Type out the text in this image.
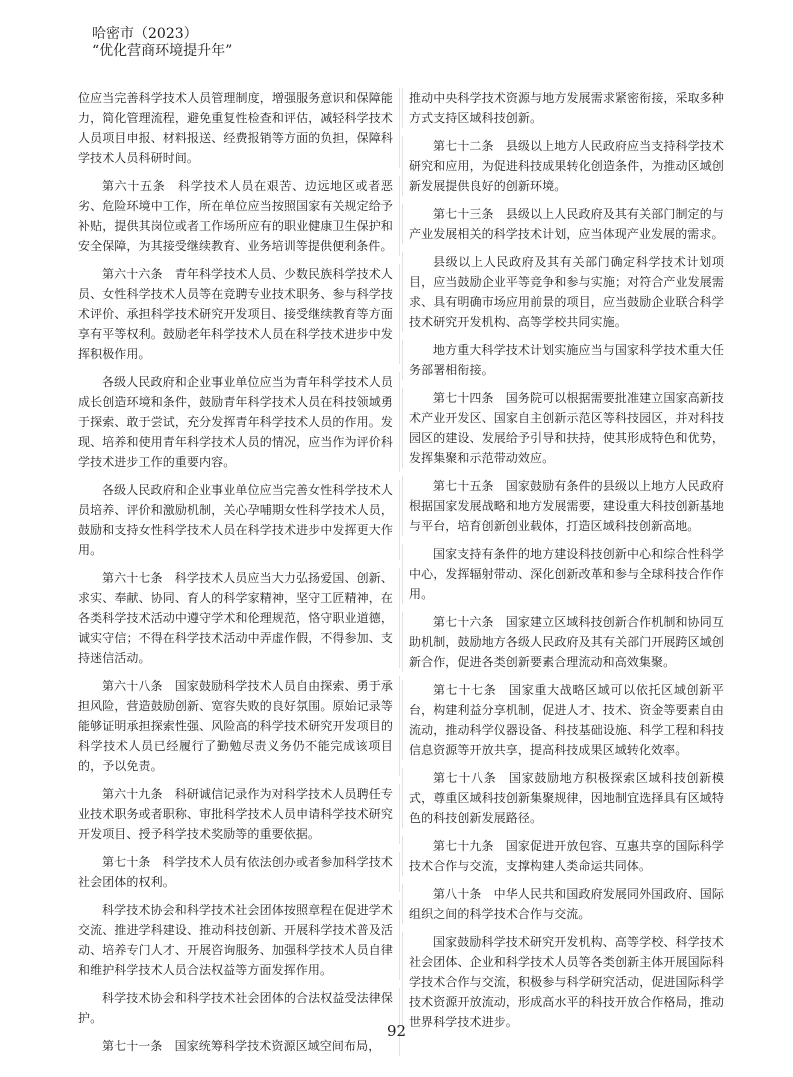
哈密市（2023）
“优化营商环境提升年”

位应当完善科学技术人员管理制度，增强服务意识和保障能力，简化管理流程，避免重复性检查和评估，减轻科学技术人员项目申报、材料报送、经费报销等方面的负担，保障科学技术人员科研时间。

第六十五条　科学技术人员在艰苦、边远地区或者恶劣、危险环境中工作，所在单位应当按照国家有关规定给予补贴，提供其岗位或者工作场所应有的职业健康卫生保护和安全保障，为其接受继续教育、业务培训等提供便利条件。

第六十六条　青年科学技术人员、少数民族科学技术人员、女性科学技术人员等在竞聘专业技术职务、参与科学技术评价、承担科学技术研究开发项目、接受继续教育等方面享有平等权利。鼓励老年科学技术人员在科学技术进步中发挥积极作用。

各级人民政府和企业事业单位应当为青年科学技术人员成长创造环境和条件，鼓励青年科学技术人员在科技领域勇于探索、敢于尝试，充分发挥青年科学技术人员的作用。发现、培养和使用青年科学技术人员的情况，应当作为评价科学技术进步工作的重要内容。

各级人民政府和企业事业单位应当完善女性科学技术人员培养、评价和激励机制，关心孕哺期女性科学技术人员，鼓励和支持女性科学技术人员在科学技术进步中发挥更大作用。

第六十七条　科学技术人员应当大力弘扬爱国、创新、求实、奉献、协同、育人的科学家精神，坚守工匠精神，在各类科学技术活动中遵守学术和伦理规范，恪守职业道德，诚实守信；不得在科学技术活动中弄虚作假，不得参加、支持迷信活动。

第六十八条　国家鼓励科学技术人员自由探索、勇于承担风险，营造鼓励创新、宽容失败的良好氛围。原始记录等能够证明承担探索性强、风险高的科学技术研究开发项目的科学技术人员已经履行了勤勉尽责义务仍不能完成该项目的，予以免责。

第六十九条　科研诚信记录作为对科学技术人员聘任专业技术职务或者职称、审批科学技术人员申请科学技术研究开发项目、授予科学技术奖励等的重要依据。

第七十条　科学技术人员有依法创办或者参加科学技术社会团体的权利。

科学技术协会和科学技术社会团体按照章程在促进学术交流、推进学科建设、推动科技创新、开展科学技术普及活动、培养专门人才、开展咨询服务、加强科学技术人员自律和维护科学技术人员合法权益等方面发挥作用。

科学技术协会和科学技术社会团体的合法权益受法律保护。

第七十一条　国家统筹科学技术资源区域空间布局，

推动中央科学技术资源与地方发展需求紧密衔接，采取多种方式支持区域科技创新。

第七十二条　县级以上地方人民政府应当支持科学技术研究和应用，为促进科技成果转化创造条件，为推动区域创新发展提供良好的创新环境。

第七十三条　县级以上人民政府及其有关部门制定的与产业发展相关的科学技术计划，应当体现产业发展的需求。

县级以上人民政府及其有关部门确定科学技术计划项目，应当鼓励企业平等竞争和参与实施；对符合产业发展需求、具有明确市场应用前景的项目，应当鼓励企业联合科学技术研究开发机构、高等学校共同实施。

地方重大科学技术计划实施应当与国家科学技术重大任务部署相衔接。

第七十四条　国务院可以根据需要批准建立国家高新技术产业开发区、国家自主创新示范区等科技园区，并对科技园区的建设、发展给予引导和扶持，使其形成特色和优势，发挥集聚和示范带动效应。

第七十五条　国家鼓励有条件的县级以上地方人民政府根据国家发展战略和地方发展需要，建设重大科技创新基地与平台，培育创新创业载体，打造区域科技创新高地。

国家支持有条件的地方建设科技创新中心和综合性科学中心，发挥辐射带动、深化创新改革和参与全球科技合作作用。

第七十六条　国家建立区域科技创新合作机制和协同互助机制，鼓励地方各级人民政府及其有关部门开展跨区域创新合作，促进各类创新要素合理流动和高效集聚。

第七十七条　国家重大战略区域可以依托区域创新平台，构建利益分享机制，促进人才、技术、资金等要素自由流动，推动科学仪器设备、科技基础设施、科学工程和科技信息资源等开放共享，提高科技成果区域转化效率。

第七十八条　国家鼓励地方积极探索区域科技创新模式，尊重区域科技创新集聚规律，因地制宜选择具有区域特色的科技创新发展路径。

第七十九条　国家促进开放包容、互惠共享的国际科学技术合作与交流，支撑构建人类命运共同体。

第八十条　中华人民共和国政府发展同外国政府、国际组织之间的科学技术合作与交流。

国家鼓励科学技术研究开发机构、高等学校、科学技术社会团体、企业和科学技术人员等各类创新主体开展国际科学技术合作与交流，积极参与科学研究活动，促进国际科学技术资源开放流动，形成高水平的科技开放合作格局，推动世界科学技术进步。

92
